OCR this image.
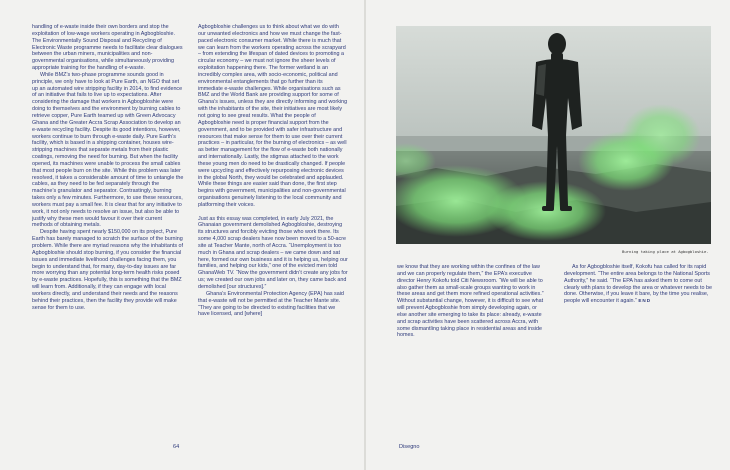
handling of e-waste inside their own borders and stop the exploitation of low-wage workers operating in Agbogbloshie. The Environmentally Sound Disposal and Recycling of Electronic Waste programme needs to facilitate clear dialogues between the urban miners, municipalities and non-governmental organisations, while simultaneously providing appropriate training for the handling of e-waste.

While BMZ’s two-phase programme sounds good in principle, we only have to look at Pure Earth, an NGO that set up an automated wire stripping facility in 2014, to find evidence of an initiative that fails to live up to expectations. After considering the damage that workers in Agbogbloshie were doing to themselves and the environment by burning cables to retrieve copper, Pure Earth teamed up with Green Advocacy Ghana and the Greater Accra Scrap Association to develop an e-waste recycling facility. Despite its good intentions, however, workers continue to burn through e-waste daily. Pure Earth’s facility, which is based in a shipping container, houses wire-stripping machines that separate metals from their plastic coatings, removing the need for burning. But when the facility opened, its machines were unable to process the small cables that most people burn on the site. While this problem was later resolved, it takes a considerable amount of time to untangle the cables, as they need to be fed separately through the machine’s granulator and separator. Contrastingly, burning takes only a few minutes. Furthermore, to use these resources, workers must pay a small fee. It is clear that for any initiative to work, it not only needs to resolve an issue, but also be able to justify why these men would favour it over their current methods of obtaining metals.

Despite having spent nearly $150,000 on its project, Pure Earth has barely managed to scratch the surface of the burning problem. While there are myriad reasons why the inhabitants of Agbogbloshie should stop burning, if you consider the financial issues and immediate livelihood challenges facing them, you begin to understand that, for many, day-to-day issues are far more worrying than any potential long-term health risks posed by e-waste practices. Hopefully, this is something that the BMZ will learn from. Additionally, if they can engage with local workers directly, and understand their needs and the reasons behind their practices, then the facility they provide will make sense for them to use.

Agbogbloshie challenges us to think about what we do with our unwanted electronics and how we must change the fast-paced electronic consumer market. While there is much that we can learn from the workers operating across the scrapyard – from extending the lifespan of dated devices to promoting a circular economy – we must not ignore the sheer levels of exploitation happening there. The former wetland is an incredibly complex area, with socio-economic, political and environmental entanglements that go further than its immediate e-waste challenges. While organisations such as BMZ and the World Bank are providing support for some of Ghana’s issues, unless they are directly informing and working with the inhabitants of the site, their initiatives are most likely not going to see great results. What the people of Agbogbloshie need is proper financial support from the government, and to be provided with safer infrastructure and resources that make sense for them to use over their current practices – in particular, for the burning of electronics – as well as better management for the flow of e-waste both nationally and internationally. Lastly, the stigmas attached to the work these young men do need to be drastically changed. If people were upcycling and effectively repurposing electronic devices in the global North, they would be celebrated and applauded. While these things are easier said than done, the first step begins with government, municipalities and non-governmental organisations genuinely listening to the local community and platforming their voices.

Just as this essay was completed, in early July 2021, the Ghanaian government demolished Agbogbloshie, destroying its structures and forcibly evicting those who work there. Its some 4,000 scrap dealers have now been moved to a 50-acre site at Teacher Mante, north of Accra. “Unemployment is too much in Ghana and scrap dealers – we came down and sat here, formed our own business and it is helping us, helping our families, and helping our kids,” one of the evicted men told GhanaWeb TV. “Now the government didn’t create any jobs for us; we created our own jobs and later on, they came back and demolished [our structures].”

Ghana’s Environmental Protection Agency (EPA) has said that e-waste will not be permitted at the Teacher Mante site. “They are going to be directed to existing facilities that we have licensed, and [where]

64
Burning taking place at Agbogbloshie.

we know that they are working within the confines of the law and we can properly regulate them,” the EPA’s executive director Henry Kokofu told Citi Newsroom. “We will be able to also gather them as small-scale groups wanting to work in these areas and get them more refined operational activities.” Without substantial change, however, it is difficult to see what will prevent Agbogbloshie from simply developing again, or else another site emerging to take its place: already, e-waste and scrap activities have been scattered across Accra, with some dismantling taking place in residential areas and inside homes.

As for Agbogbloshie itself, Kokofu has called for its rapid development. “The entire area belongs to the National Sports Authority,” he said. “The EPA has asked them to come out clearly with plans to develop the area or whatever needs to be done. Otherwise, if you leave it bare, by the time you realise, people will encounter it again.” END

Disegno
